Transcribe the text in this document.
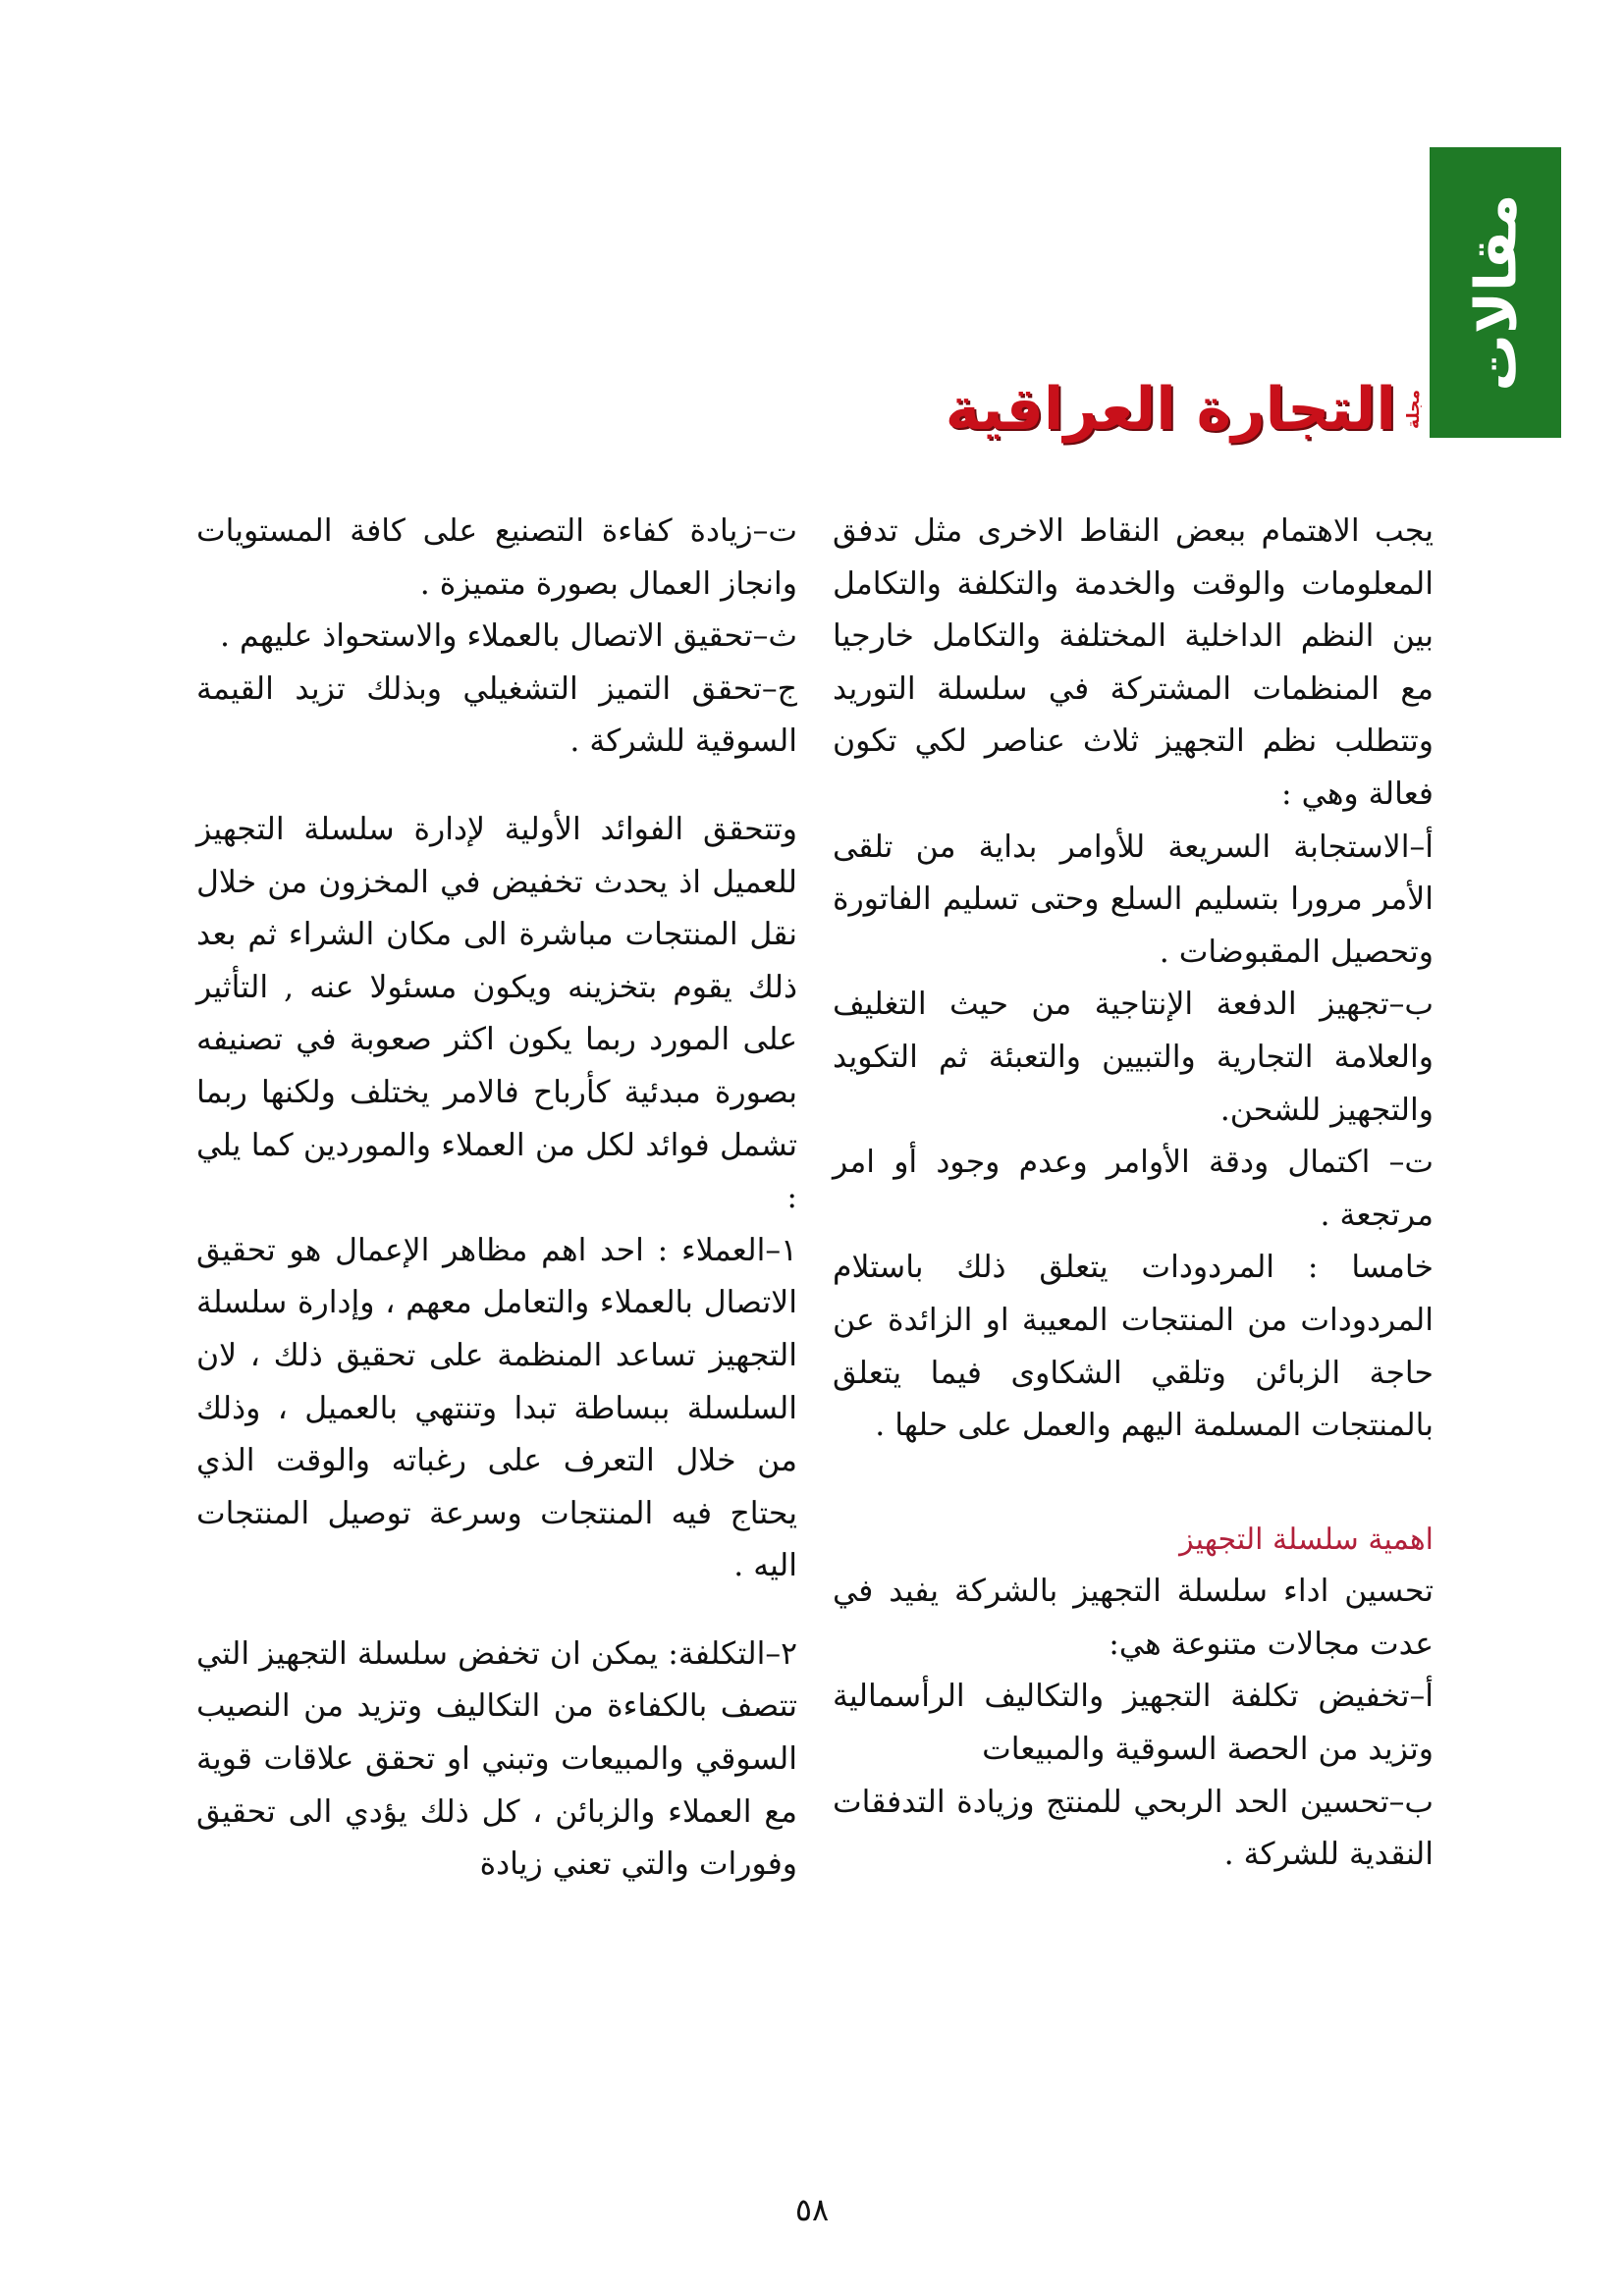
مقالات
مجلة
التجارة العراقية

يجب الاهتمام ببعض النقاط الاخرى مثل تدفق المعلومات والوقت والخدمة والتكلفة والتكامل بين النظم الداخلية المختلفة والتكامل خارجيا مع المنظمات المشتركة في سلسلة التوريد وتتطلب نظم التجهيز ثلاث عناصر لكي تكون فعالة وهي :

أ–الاستجابة السريعة للأوامر بداية من تلقى الأمر مرورا بتسليم السلع وحتى تسليم الفاتورة وتحصيل المقبوضات .

ب–تجهيز الدفعة الإنتاجية من حيث التغليف والعلامة التجارية والتبيين والتعبئة ثم التكويد والتجهيز للشحن.

ت– اكتمال ودقة الأوامر وعدم وجود أو امر مرتجعة .

خامسا : المردودات يتعلق ذلك باستلام المردودات من المنتجات المعيبة او الزائدة عن حاجة الزبائن وتلقي الشكاوى فيما يتعلق بالمنتجات المسلمة اليهم والعمل على حلها .

اهمية سلسلة التجهيز

تحسين اداء سلسلة التجهيز بالشركة يفيد في عدت مجالات متنوعة هي:

أ–تخفيض تكلفة التجهيز والتكاليف الرأسمالية وتزيد من الحصة السوقية والمبيعات

ب–تحسين الحد الربحي للمنتج وزيادة التدفقات النقدية للشركة .

ت–زيادة كفاءة التصنيع على كافة المستويات وانجاز العمال بصورة متميزة .

ث–تحقيق الاتصال بالعملاء والاستحواذ عليهم .

ج–تحقق التميز التشغيلي وبذلك تزيد القيمة السوقية للشركة .

وتتحقق الفوائد الأولية لإدارة سلسلة التجهيز للعميل اذ يحدث تخفيض في المخزون من خلال نقل المنتجات مباشرة الى مكان الشراء ثم بعد ذلك يقوم بتخزينه ويكون مسئولا عنه , التأثير على المورد ربما يكون اكثر صعوبة في تصنيفه بصورة مبدئية كأرباح فالامر يختلف ولكنها ربما تشمل فوائد لكل من العملاء والموردين كما يلي :

١–العملاء : احد اهم مظاهر الإعمال هو تحقيق الاتصال بالعملاء والتعامل معهم ، وإدارة سلسلة التجهيز تساعد المنظمة على تحقيق ذلك ، لان السلسلة ببساطة تبدا وتنتهي بالعميل ، وذلك من خلال التعرف على رغباته والوقت الذي يحتاج فيه المنتجات وسرعة توصيل المنتجات اليه .

٢–التكلفة: يمكن ان تخفض سلسلة التجهيز التي تتصف بالكفاءة من التكاليف وتزيد من النصيب السوقي والمبيعات وتبني او تحقق علاقات قوية مع العملاء والزبائن ، كل ذلك يؤدي الى تحقيق وفورات والتي تعني زيادة

٥٨
